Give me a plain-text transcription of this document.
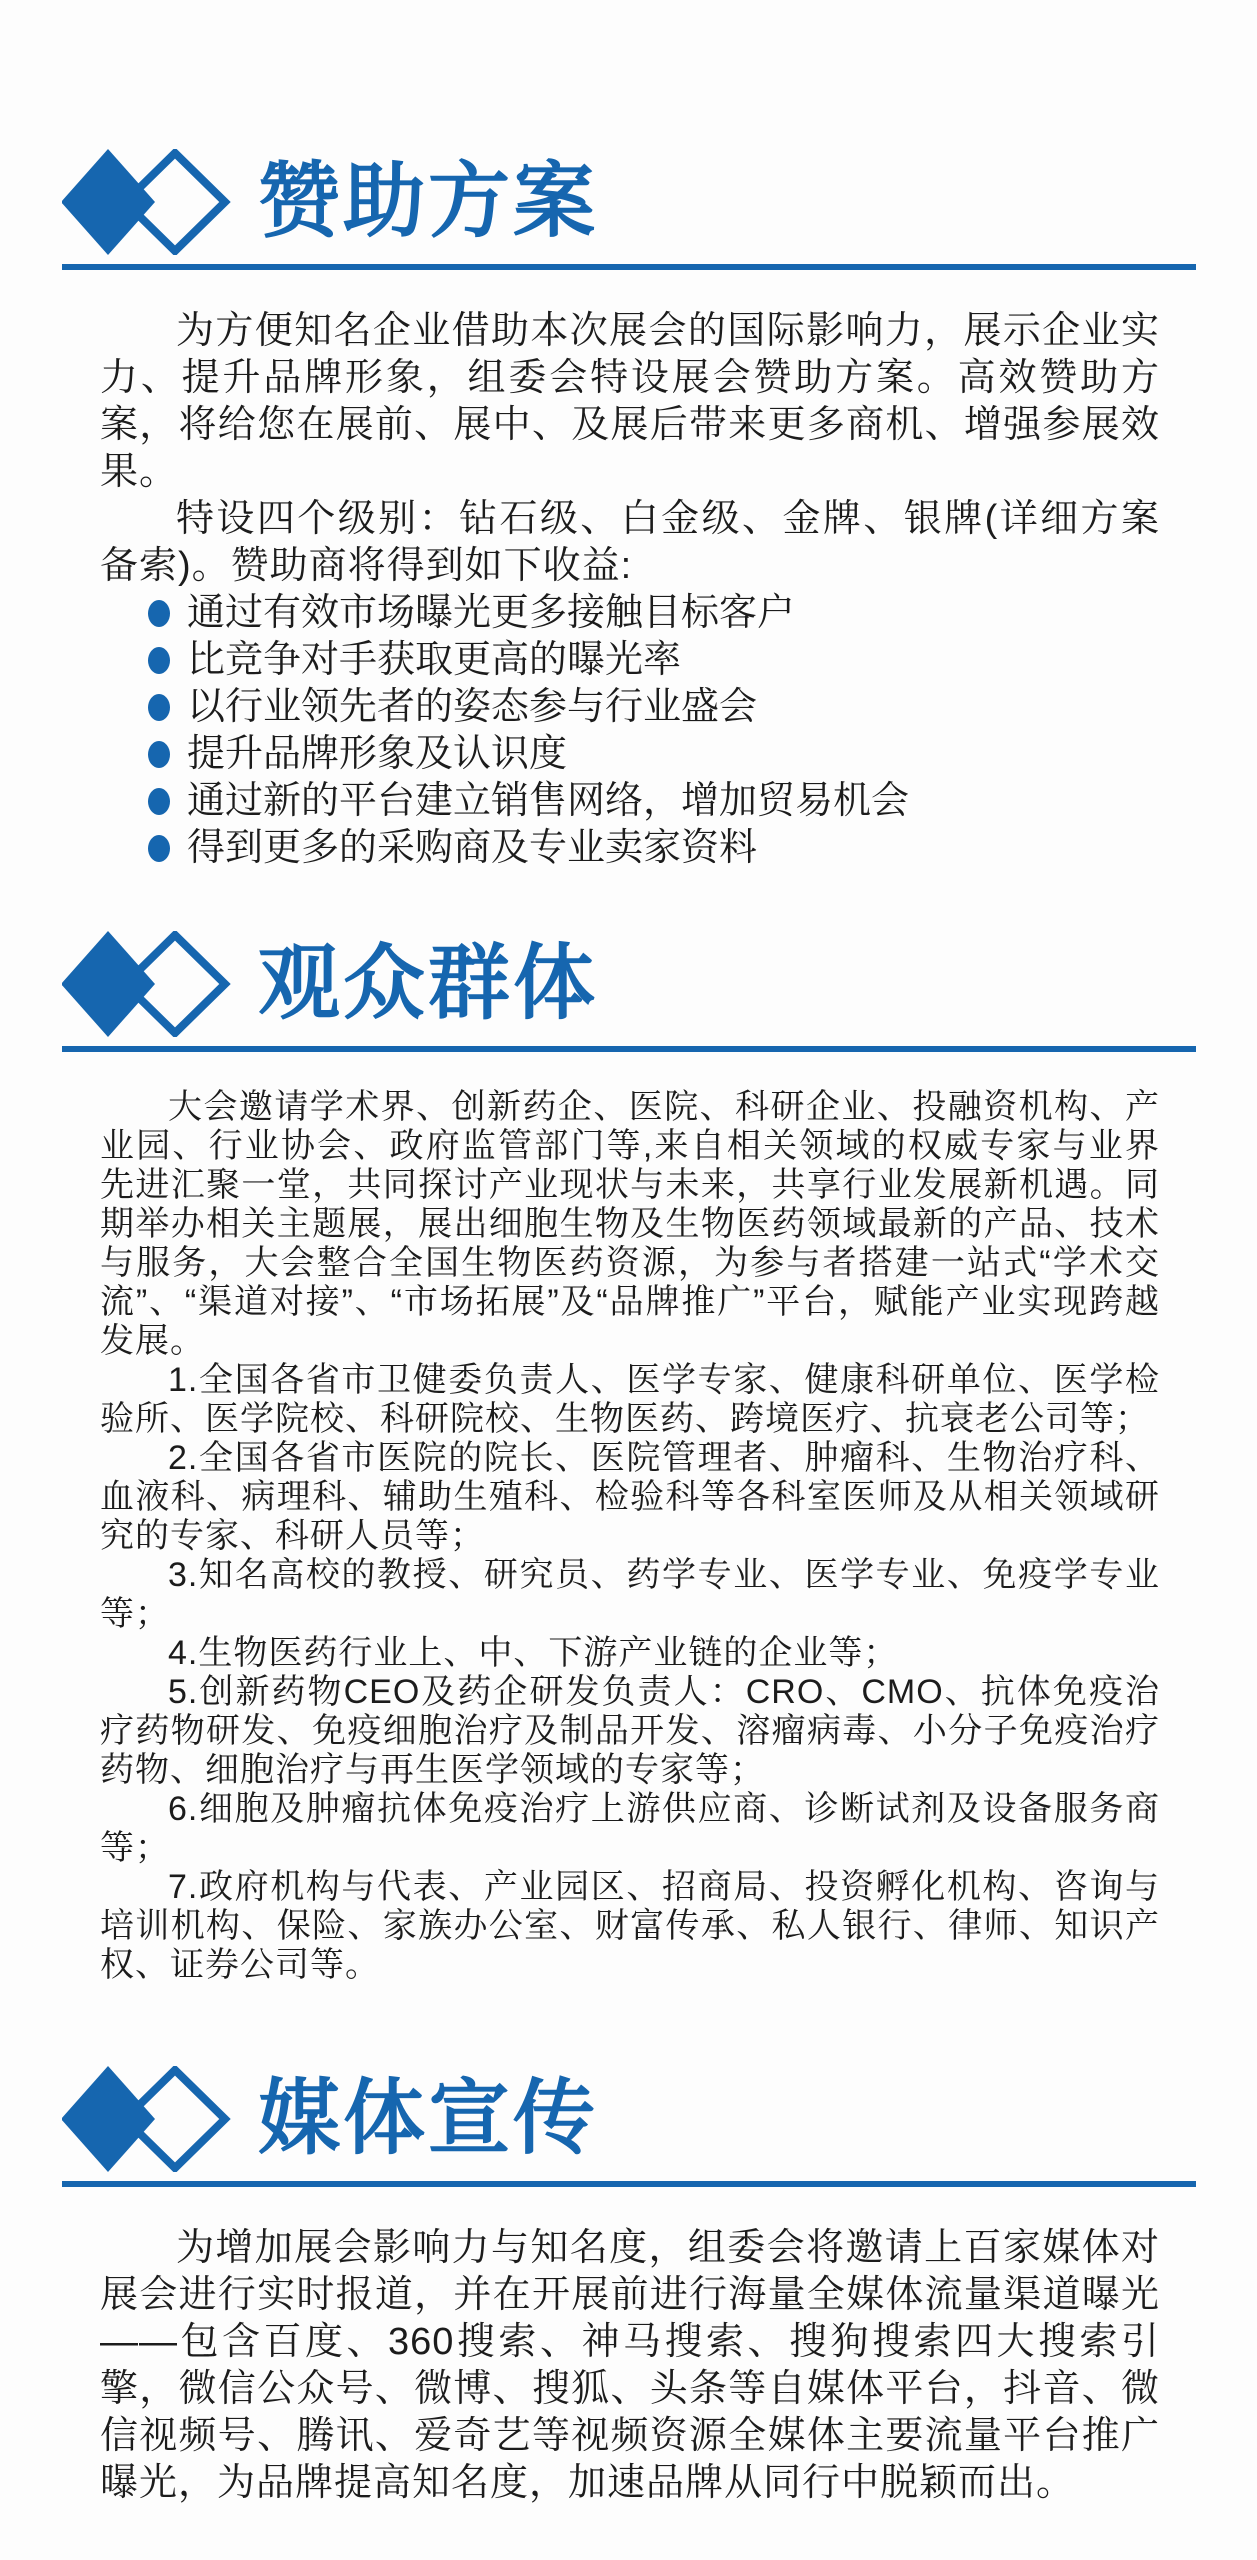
赞助方案

为方便知名企业借助本次展会的国际影响力，展示企业实力、提升品牌形象，组委会特设展会赞助方案。高效赞助方案，将给您在展前、展中、及展后带来更多商机、增强参展效果。

特设四个级别：钻石级、白金级、金牌、银牌(详细方案备索)。赞助商将得到如下收益:

通过有效市场曝光更多接触目标客户
比竞争对手获取更高的曝光率
以行业领先者的姿态参与行业盛会
提升品牌形象及认识度
通过新的平台建立销售网络，增加贸易机会
得到更多的采购商及专业卖家资料
观众群体

大会邀请学术界、创新药企、医院、科研企业、投融资机构、产业园、行业协会、政府监管部门等,来自相关领域的权威专家与业界先进汇聚一堂，共同探讨产业现状与未来，共享行业发展新机遇。同期举办相关主题展，展出细胞生物及生物医药领域最新的产品、技术与服务，大会整合全国生物医药资源，为参与者搭建一站式“学术交流”、“渠道对接”、“市场拓展”及“品牌推广”平台，赋能产业实现跨越发展。

1.全国各省市卫健委负责人、医学专家、健康科研单位、医学检验所、医学院校、科研院校、生物医药、跨境医疗、抗衰老公司等；

2.全国各省市医院的院长、医院管理者、肿瘤科、生物治疗科、血液科、病理科、辅助生殖科、检验科等各科室医师及从相关领域研究的专家、科研人员等；

3.知名高校的教授、研究员、药学专业、医学专业、免疫学专业等；

4.生物医药行业上、中、下游产业链的企业等；

5.创新药物CEO及药企研发负责人：CRO、CMO、抗体免疫治疗药物研发、免疫细胞治疗及制品开发、溶瘤病毒、小分子免疫治疗药物、细胞治疗与再生医学领域的专家等；

6.细胞及肿瘤抗体免疫治疗上游供应商、诊断试剂及设备服务商等；

7.政府机构与代表、产业园区、招商局、投资孵化机构、咨询与培训机构、保险、家族办公室、财富传承、私人银行、律师、知识产权、证券公司等。

媒体宣传

为增加展会影响力与知名度，组委会将邀请上百家媒体对展会进行实时报道，并在开展前进行海量全媒体流量渠道曝光——包含百度、360搜索、神马搜索、搜狗搜索四大搜索引擎，微信公众号、微博、搜狐、头条等自媒体平台，抖音、微信视频号、腾讯、爱奇艺等视频资源全媒体主要流量平台推广曝光，为品牌提高知名度，加速品牌从同行中脱颖而出。
